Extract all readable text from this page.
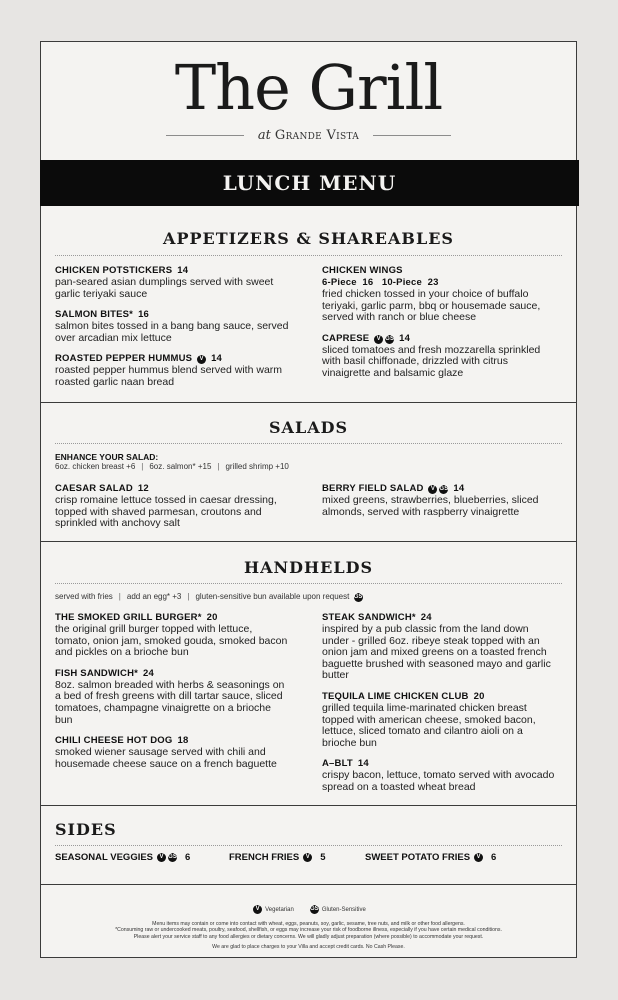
The Grill
at Grande Vista
LUNCH MENU
APPETIZERS & SHAREABLES
CHICKEN POTSTICKERS 14
pan-seared asian dumplings served with sweet garlic teriyaki sauce
SALMON BITES* 16
salmon bites tossed in a bang bang sauce, served over arcadian mix lettuce
ROASTED PEPPER HUMMUS V 14
roasted pepper hummus blend served with warm roasted garlic naan bread
CHICKEN WINGS
6-Piece  16   10-Piece  23
fried chicken tossed in your choice of buffalo teriyaki, garlic parm, bbq or housemade sauce, served with ranch or blue cheese
CAPRESE V GS 14
sliced tomatoes and fresh mozzarella sprinkled with basil chiffonade, drizzled with citrus vinaigrette and balsamic glaze
SALADS
ENHANCE YOUR SALAD:
6oz. chicken breast +6 | 6oz. salmon* +15 | grilled shrimp +10
CAESAR SALAD 12
crisp romaine lettuce tossed in caesar dressing, topped with shaved parmesan, croutons and sprinkled with anchovy salt
BERRY FIELD SALAD V GS 14
mixed greens, strawberries, blueberries, sliced almonds, served with raspberry vinaigrette
HANDHELDS
served with fries | add an egg* +3 | gluten-sensitive bun available upon request GS
THE SMOKED GRILL BURGER* 20
the original grill burger topped with lettuce, tomato, onion jam, smoked gouda, smoked bacon and pickles on a brioche bun
FISH SANDWICH* 24
8oz. salmon breaded with herbs & seasonings on a bed of fresh greens with dill tartar sauce, sliced tomatoes, champagne vinaigrette on a brioche bun
CHILI CHEESE HOT DOG 18
smoked wiener sausage served with chili and housemade cheese sauce on a french baguette
STEAK SANDWICH* 24
inspired by a pub classic from the land down under - grilled 6oz. ribeye steak topped with an onion jam and mixed greens on a toasted french baguette brushed with seasoned mayo and garlic butter
TEQUILA LIME CHICKEN CLUB 20
grilled tequila lime-marinated chicken breast topped with american cheese, smoked bacon, lettuce, sliced tomato and cilantro aioli on a brioche bun
A–BLT 14
crispy bacon, lettuce, tomato served with avocado spread on a toasted wheat bread
SIDES
SEASONAL VEGGIES	V GS 6	FRENCH FRIES	V 5	SWEET POTATO FRIES	V 6
V Vegetarian	GS Gluten-Sensitive
Menu items may contain or come into contact with wheat, eggs, peanuts, soy, garlic, sesame, tree nuts, and milk or other food allergens.
*Consuming raw or undercooked meats, poultry, seafood, shellfish, or eggs may increase your risk of foodborne illness, especially if you have certain medical conditions.
Please alert your service staff to any food allergies or dietary concerns. We will gladly adjust preparation (where possible) to accommodate your request.
We are glad to place charges to your Villa and accept credit cards. No Cash Please.
